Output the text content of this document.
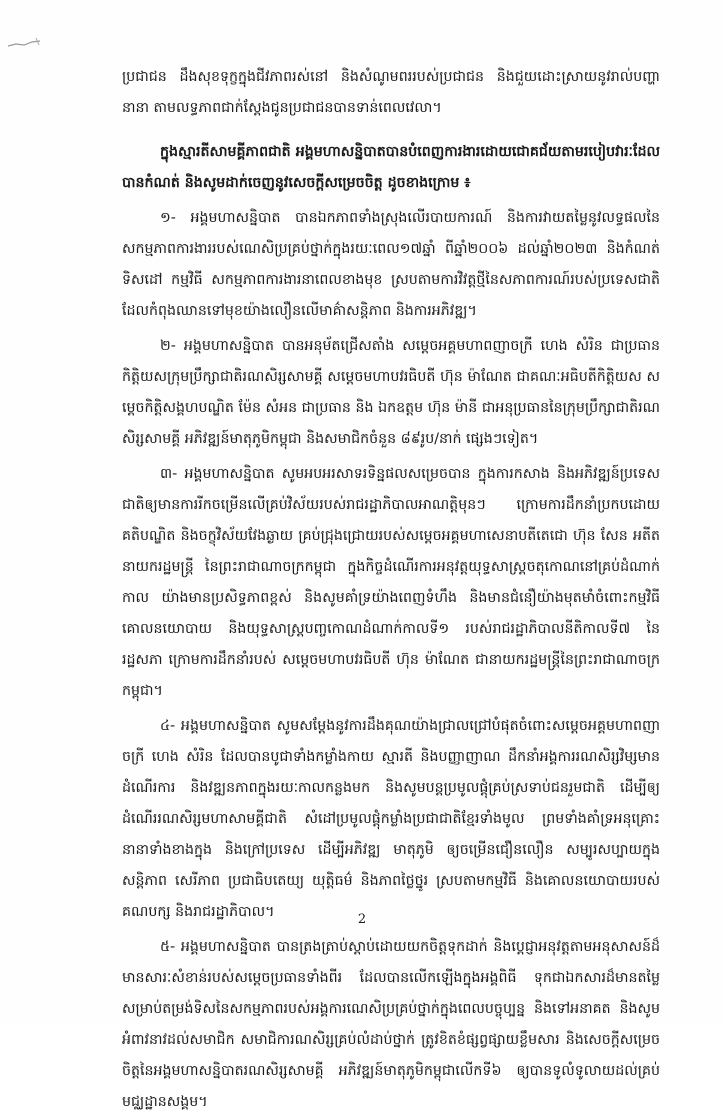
ប្រជាជន ដឹងសុខទុក្ខក្នុងជីវភាពរស់នៅ និងសំណូមពររបស់ប្រជាជន និងជួយដោះស្រាយនូវរាល់បញ្ហានានា តាមលទ្ធភាពជាក់ស្តែងជូនប្រជាជនបានទាន់ពេលវេលា។

ក្នុងស្មារតីសាមគ្គីភាពជាតិ អង្គមហាសន្និបាតបានបំពេញការងារដោយជោគជ័យតាមរបៀបវារៈដែលបានកំណត់ និងសូមដាក់ចេញនូវសេចក្តីសម្រេចចិត្ត ដូចខាងក្រោម ៖

១- អង្គមហាសន្និបាត បានឯកភាពទាំងស្រុងលើរបាយការណ៍ និងការវាយតម្លៃនូវលទ្ធផលនៃសកម្មភាពការងាររបស់ណេសិប្រគ្រប់ថ្នាក់ក្នុងរយៈពេល១៧ឆ្នាំ ពីឆ្នាំ២០០៦ ដល់ឆ្នាំ២០២៣ និងកំណត់ទិសដៅ កម្មវិធី សកម្មភាពការងារនាពេលខាងមុខ ស្របតាមការវិវត្តថ្មីនៃសភាពការណ៍របស់ប្រទេសជាតិ ដែលកំពុងឈានទៅមុខយ៉ាងលឿនលើមាគ៌ាសន្តិភាព និងការអភិវឌ្ឍ។

២- អង្គមហាសន្និបាត បានអនុម័តជ្រើសតាំង សម្តេចអគ្គមហាពញាចក្រី ហេង សំរិន ជាប្រធានកិត្តិយសក្រុមប្រឹក្សាជាតិរណសិរ្សសាមគ្គី សម្តេចមហាបវរធិបតី ហ៊ុន ម៉ាណែត ជាគណៈអធិបតីកិត្តិយស សម្តេចកិត្តិសង្គហបណ្ឌិត ម៉ែន សំអន ជាប្រធាន និង ឯកឧត្តម ហ៊ុន ម៉ានី ជាអនុប្រធាននៃក្រុមប្រឹក្សាជាតិរណសិរ្សសាមគ្គី អភិវឌ្ឍន៍មាតុភូមិកម្ពុជា និងសមាជិកចំនួន ៨៩រូប/នាក់ ផ្សេងៗទៀត។

៣- អង្គមហាសន្និបាត សូមអបអរសាទរទិន្នផលសម្រេចបាន ក្នុងការកសាង និងអភិវឌ្ឍន៍ប្រទេសជាតិឲ្យមានការរីកចម្រើនលើគ្រប់វិស័យរបស់រាជរដ្ឋាភិបាលអាណត្តិមុនៗ ក្រោមការដឹកនាំប្រកបដោយគតិបណ្ឌិត និងចក្ខុវិស័យវែងឆ្ងាយ គ្រប់ជ្រុងជ្រោយរបស់សម្តេចអគ្គមហាសេនាបតីតេជោ ហ៊ុន សែន អតីតនាយករដ្ឋមន្ត្រី នៃព្រះរាជាណាចក្រកម្ពុជា ក្នុងកិច្ចដំណើរការអនុវត្តយុទ្ធសាស្ត្រចតុកោណនៅគ្រប់ដំណាក់កាល យ៉ាងមានប្រសិទ្ធភាពខ្ពស់ និងសូមគាំទ្រយ៉ាងពេញទំហឹង និងមានជំនឿយ៉ាងមុតមាំចំពោះកម្មវិធី គោលនយោបាយ និងយុទ្ធសាស្ត្របញ្ចកោណដំណាក់កាលទី១ របស់រាជរដ្ឋាភិបាលនីតិកាលទី៧ នៃរដ្ឋសភា ក្រោមការដឹកនាំរបស់ សម្តេចមហាបវរធិបតី ហ៊ុន ម៉ាណែត ជានាយករដ្ឋមន្ត្រីនៃព្រះរាជាណាចក្រកម្ពុជា។

៤- អង្គមហាសន្និបាត សូមសម្តែងនូវការដឹងគុណយ៉ាងជ្រាលជ្រៅបំផុតចំពោះសម្តេចអគ្គមហាពញាចក្រី ហេង សំរិន ដែលបានបូជាទាំងកម្លាំងកាយ ស្មារតី និងបញ្ញាញាណ ដឹកនាំអង្គការរណសិរ្សវិម្សមានដំណើរការ និងវឌ្ឍនភាពក្នុងរយៈកាលកន្លងមក និងសូមបន្តប្រមូលផ្តុំគ្រប់ស្រទាប់ជនរួមជាតិ ដើម្បីឲ្យដំណើររណសិរ្សមហាសាមគ្គីជាតិ សំដៅប្រមូលផ្តុំកម្លាំងប្រជាជាតិខ្មែរទាំងមូល ព្រមទាំងគាំទ្រអនុគ្រោះនានាទាំងខាងក្នុង និងក្រៅប្រទេស ដើម្បីអភិវឌ្ឍ មាតុភូមិ ឲ្យចម្រើនជឿនលឿន សម្បូរសប្បាយក្នុងសន្តិភាព សេរីភាព ប្រជាធិបតេយ្យ យុត្តិធម៌ និងភាពថ្លៃថ្នូរ ស្របតាមកម្មវិធី និងគោលនយោបាយរបស់គណបក្ស និងរាជរដ្ឋាភិបាល។

៥- អង្គមហាសន្និបាត បានត្រងត្រាប់ស្តាប់ដោយយកចិត្តទុកដាក់ និងប្តេជ្ញាអនុវត្តតាមអនុសាសន៍ដ៏មានសារៈសំខាន់របស់សម្តេចប្រធានទាំងពីរ ដែលបានលើកឡើងក្នុងអង្គពិធី ទុកជាឯកសារដ៏មានតម្លៃសម្រាប់តម្រង់ទិសនៃសកម្មភាពរបស់អង្គការណេសិប្រគ្រប់ថ្នាក់ក្នុងពេលបច្ចុប្បន្ន និងទៅអនាគត និងសូមអំពាវនាវដល់សមាជិក សមាជិការណសិរ្សគ្រប់លំដាប់ថ្នាក់ ត្រូវខិតខំផ្សព្វផ្សាយខ្លឹមសារ និងសេចក្តីសម្រេចចិត្តនៃអង្គមហាសន្និបាតរណសិរ្សសាមគ្គី អភិវឌ្ឍន៍មាតុភូមិកម្ពុជាលើកទី៦ ឲ្យបានទូលំទូលាយដល់គ្រប់មជ្ឈដ្ឋានសង្គម។

2
